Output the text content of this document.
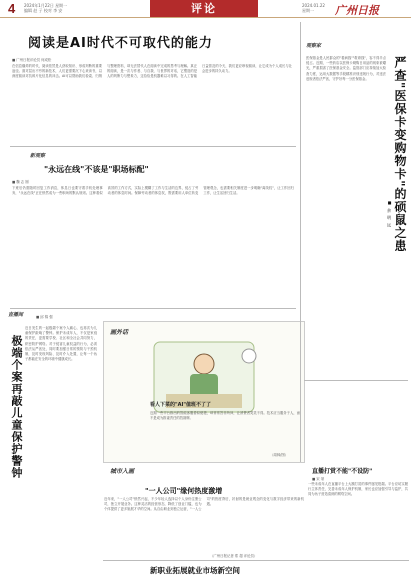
4 2024年1月22日 星期一
编辑 赵 子 校对 李 安	评论	2024.01.22
星期一	广州日报
阅读是AI时代不可取代的能力
■ 广州日报评论员 何成松
在信息爆炸的时代，阅读依然是人获取知识、形成判断的重要途径。面对层出不穷的新技术，人们更需要沉下心来读书，以深度阅读对抗碎片化信息的冲击。AI可以帮助我们检索、归纳与整理资料，却无法替代人在阅读中完成的思考与理解。真正的阅读，是一次与作者、与自我、与世界的对话，它塑造的是人的判断力与想象力，这恰恰是机器难以习得的。在人工智能日益普及的今天，我们更应珍视阅读，让它成为个人成长与社会进步的持久动力。
新观察
"永远在线"不该是"职场标配"
■ 魏 志 刚
下班后仍需随时回复工作消息，休息日也要守着手机处理事务，"永远在线"正在悄然成为一些职场的默认规则。这种看似高效的工作方式，实际上模糊了工作与生活的边界，侵占了劳动者的休息时间。保障劳动者的休息权，既需要用人单位转变管理观念，也需要相关制度进一步明确"离线权"，让工作回归工作，让生活回归生活。
直播间	■ 邱 锦 强
极端个案再敲儿童保护警钟
近日发生的一起极端个案令人痛心，也再次为儿童保护敲响了警钟。保护未成年人，不仅是家庭的责任，更需要学校、社区和全社会共同努力，织密防护网络。对于侵害儿童权益的行为，必须依法从严惩处，同时要加强日常的预防与干预机制，及时发现风险、及时介入处置，让每一个孩子都能在安全的环境中健康成长。
画外话
看人下菜的"AI"值班不了了
近期一些平台推出的智能客服看似便捷，却常常答非所问，让消费者哭笑不得。技术应当服务于人，而不是成为推诿责任的挡箭牌。
（周林/图）
城市入画
"一人公司"缘何热度激增
近年来，"一人公司"悄然兴起，不少年轻人选择以个人身份注册公司，独立开展业务。这种灵活的经营形态，降低了创业门槛，也为个体提供了更多施展才华的空间。从自由职业到独立运营，"一人公司"的热度背后，折射的是就业观念的变化与数字经济带来的新机遇。
（广州日报记者 郑 超 评论员）
新职业拓展就业市场新空间
观察家
严查"医保卡变购物卡"的硕鼠之患
■ 余 明 远
医保基金是人民群众的"看病钱""救命钱"，容不得半点侵占。近期，一些药店以医保卡刷购日用品的现象被曝光，严重损害了医保基金安全。监管部门应持续加大检查力度，运用大数据等手段精准识别违规行为，对违法违规者依法严惩，守护好每一分医保基金。
直播打赏不能"不设防"
■ 宋 颂
一些未成年人在直播平台上大额打赏的事件屡见报端。平台应切实履行主体责任，完善未成年人保护机制，家长也应加强引导与监护，共同为孩子营造清朗的网络空间。
